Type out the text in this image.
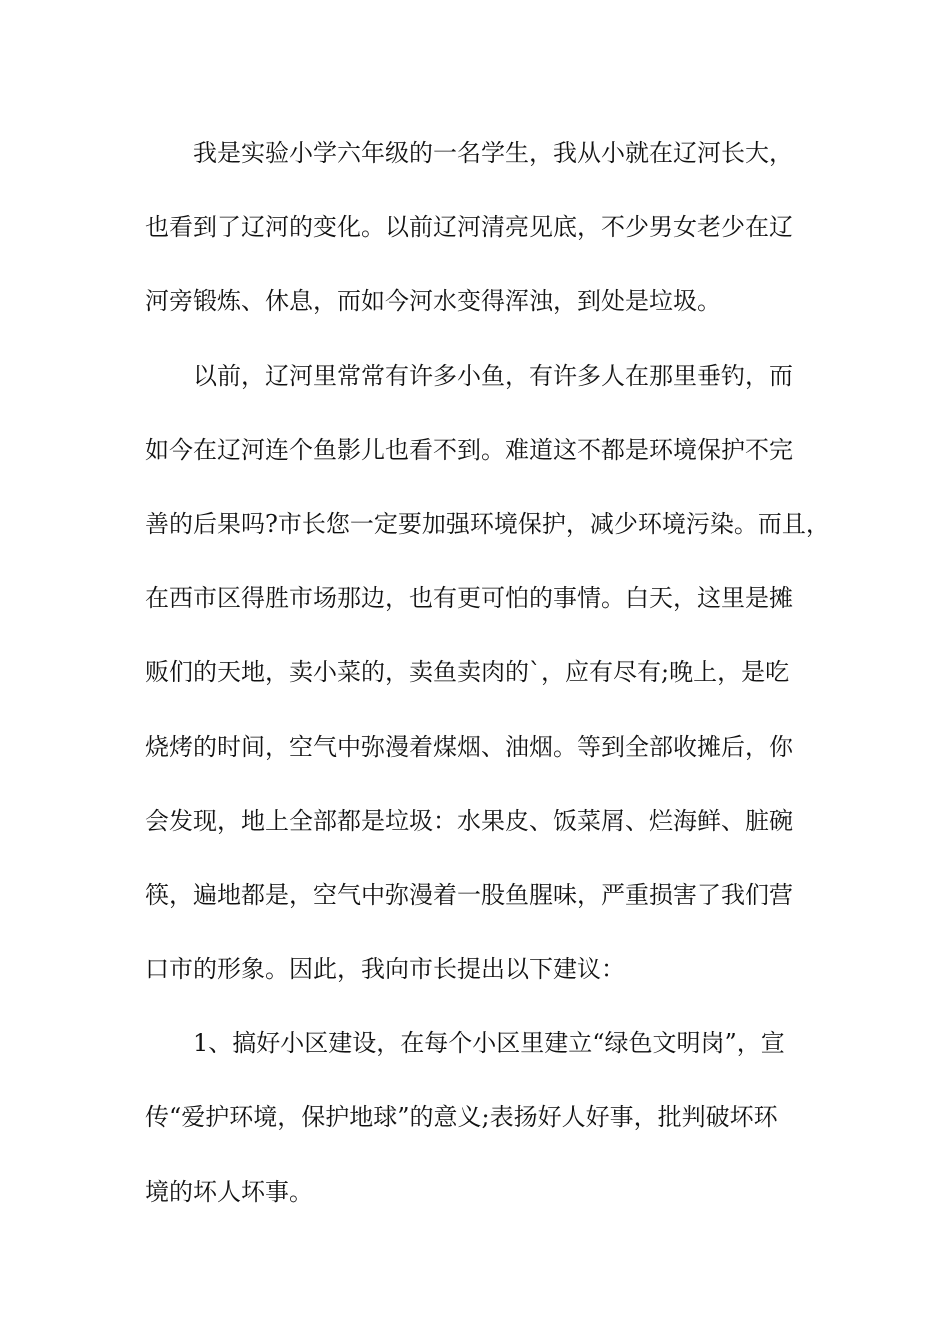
我是实验小学六年级的一名学生，我从小就在辽河长大，
也看到了辽河的变化。以前辽河清亮见底，不少男女老少在辽
河旁锻炼、休息，而如今河水变得浑浊，到处是垃圾。
以前，辽河里常常有许多小鱼，有许多人在那里垂钓，而
如今在辽河连个鱼影儿也看不到。难道这不都是环境保护不完
善的后果吗?市长您一定要加强环境保护，减少环境污染。而且，
在西市区得胜市场那边，也有更可怕的事情。白天，这里是摊
贩们的天地，卖小菜的，卖鱼卖肉的`，应有尽有;晚上，是吃
烧烤的时间，空气中弥漫着煤烟、油烟。等到全部收摊后，你
会发现，地上全部都是垃圾：水果皮、饭菜屑、烂海鲜、脏碗
筷，遍地都是，空气中弥漫着一股鱼腥味，严重损害了我们营
口市的形象。因此，我向市长提出以下建议：
1、搞好小区建设，在每个小区里建立“绿色文明岗”，宣
传“爱护环境，保护地球”的意义;表扬好人好事，批判破坏环
境的坏人坏事。
